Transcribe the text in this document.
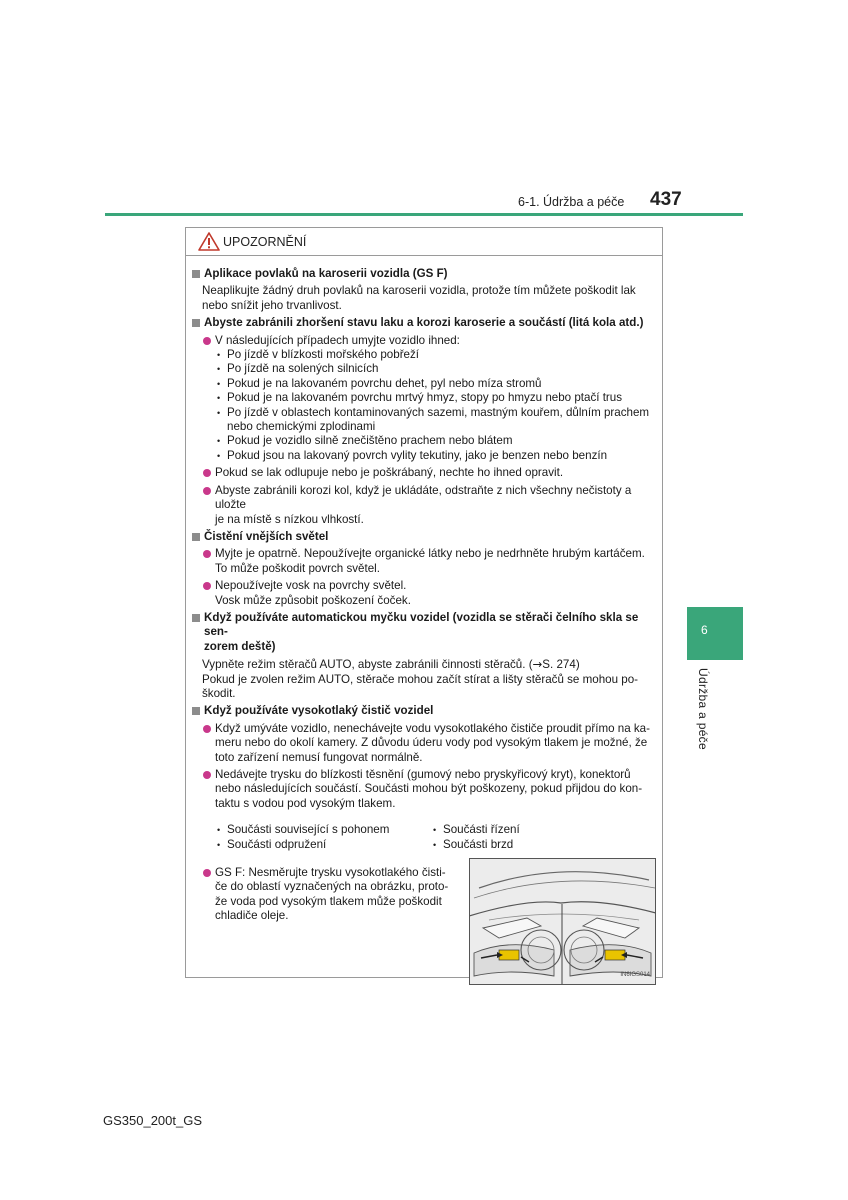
6-1. Údržba a péče 437
6
Údržba a péče
UPOZORNĚNÍ
Aplikace povlaků na karoserii vozidla (GS F)
Neaplikujte žádný druh povlaků na karoserii vozidla, protože tím můžete poškodit lak
nebo snížit jeho trvanlivost.
Abyste zabránili zhoršení stavu laku a korozi karoserie a součástí (litá kola atd.)
V následujících případech umyjte vozidlo ihned:
• Po jízdě v blízkosti mořského pobřeží
• Po jízdě na solených silnicích
• Pokud je na lakovaném povrchu dehet, pyl nebo míza stromů
• Pokud je na lakovaném povrchu mrtvý hmyz, stopy po hmyzu nebo ptačí trus
• Po jízdě v oblastech kontaminovaných sazemi, mastným kouřem, důlním prachem
nebo chemickými zplodinami
• Pokud je vozidlo silně znečištěno prachem nebo blátem
• Pokud jsou na lakovaný povrch vylity tekutiny, jako je benzen nebo benzín
Pokud se lak odlupuje nebo je poškrábaný, nechte ho ihned opravit.
Abyste zabránili korozi kol, když je ukládáte, odstraňte z nich všechny nečistoty a uložte
je na místě s nízkou vlhkostí.
Čistění vnějších světel
Myjte je opatrně. Nepoužívejte organické látky nebo je nedrhněte hrubým kartáčem.
To může poškodit povrch světel.
Nepoužívejte vosk na povrchy světel.
Vosk může způsobit poškození čoček.
Když používáte automatickou myčku vozidel (vozidla se stěrači čelního skla se sen-
zorem deště)
Vypněte režim stěračů AUTO, abyste zabránili činnosti stěračů. (→S. 274)
Pokud je zvolen režim AUTO, stěrače mohou začít stírat a lišty stěračů se mohou po-
škodit.
Když používáte vysokotlaký čistič vozidel
Když umýváte vozidlo, nenechávejte vodu vysokotlakého čističe proudit přímo na ka-
meru nebo do okolí kamery. Z důvodu úderu vody pod vysokým tlakem je možné, že
toto zařízení nemusí fungovat normálně.
Nedávejte trysku do blízkosti těsnění (gumový nebo pryskyřicový kryt), konektorů
nebo následujících součástí. Součásti mohou být poškozeny, pokud přijdou do kon-
taktu s vodou pod vysokým tlakem.
• Součásti související s pohonem
• Součásti odpružení
• Součásti řízení
• Součásti brzd
GS F: Nesměrujte trysku vysokotlakého čisti-
če do oblastí vyznačených na obrázku, proto-
že voda pod vysokým tlakem může poškodit
chladiče oleje.
IN6IGS014
GS350_200t_GS
